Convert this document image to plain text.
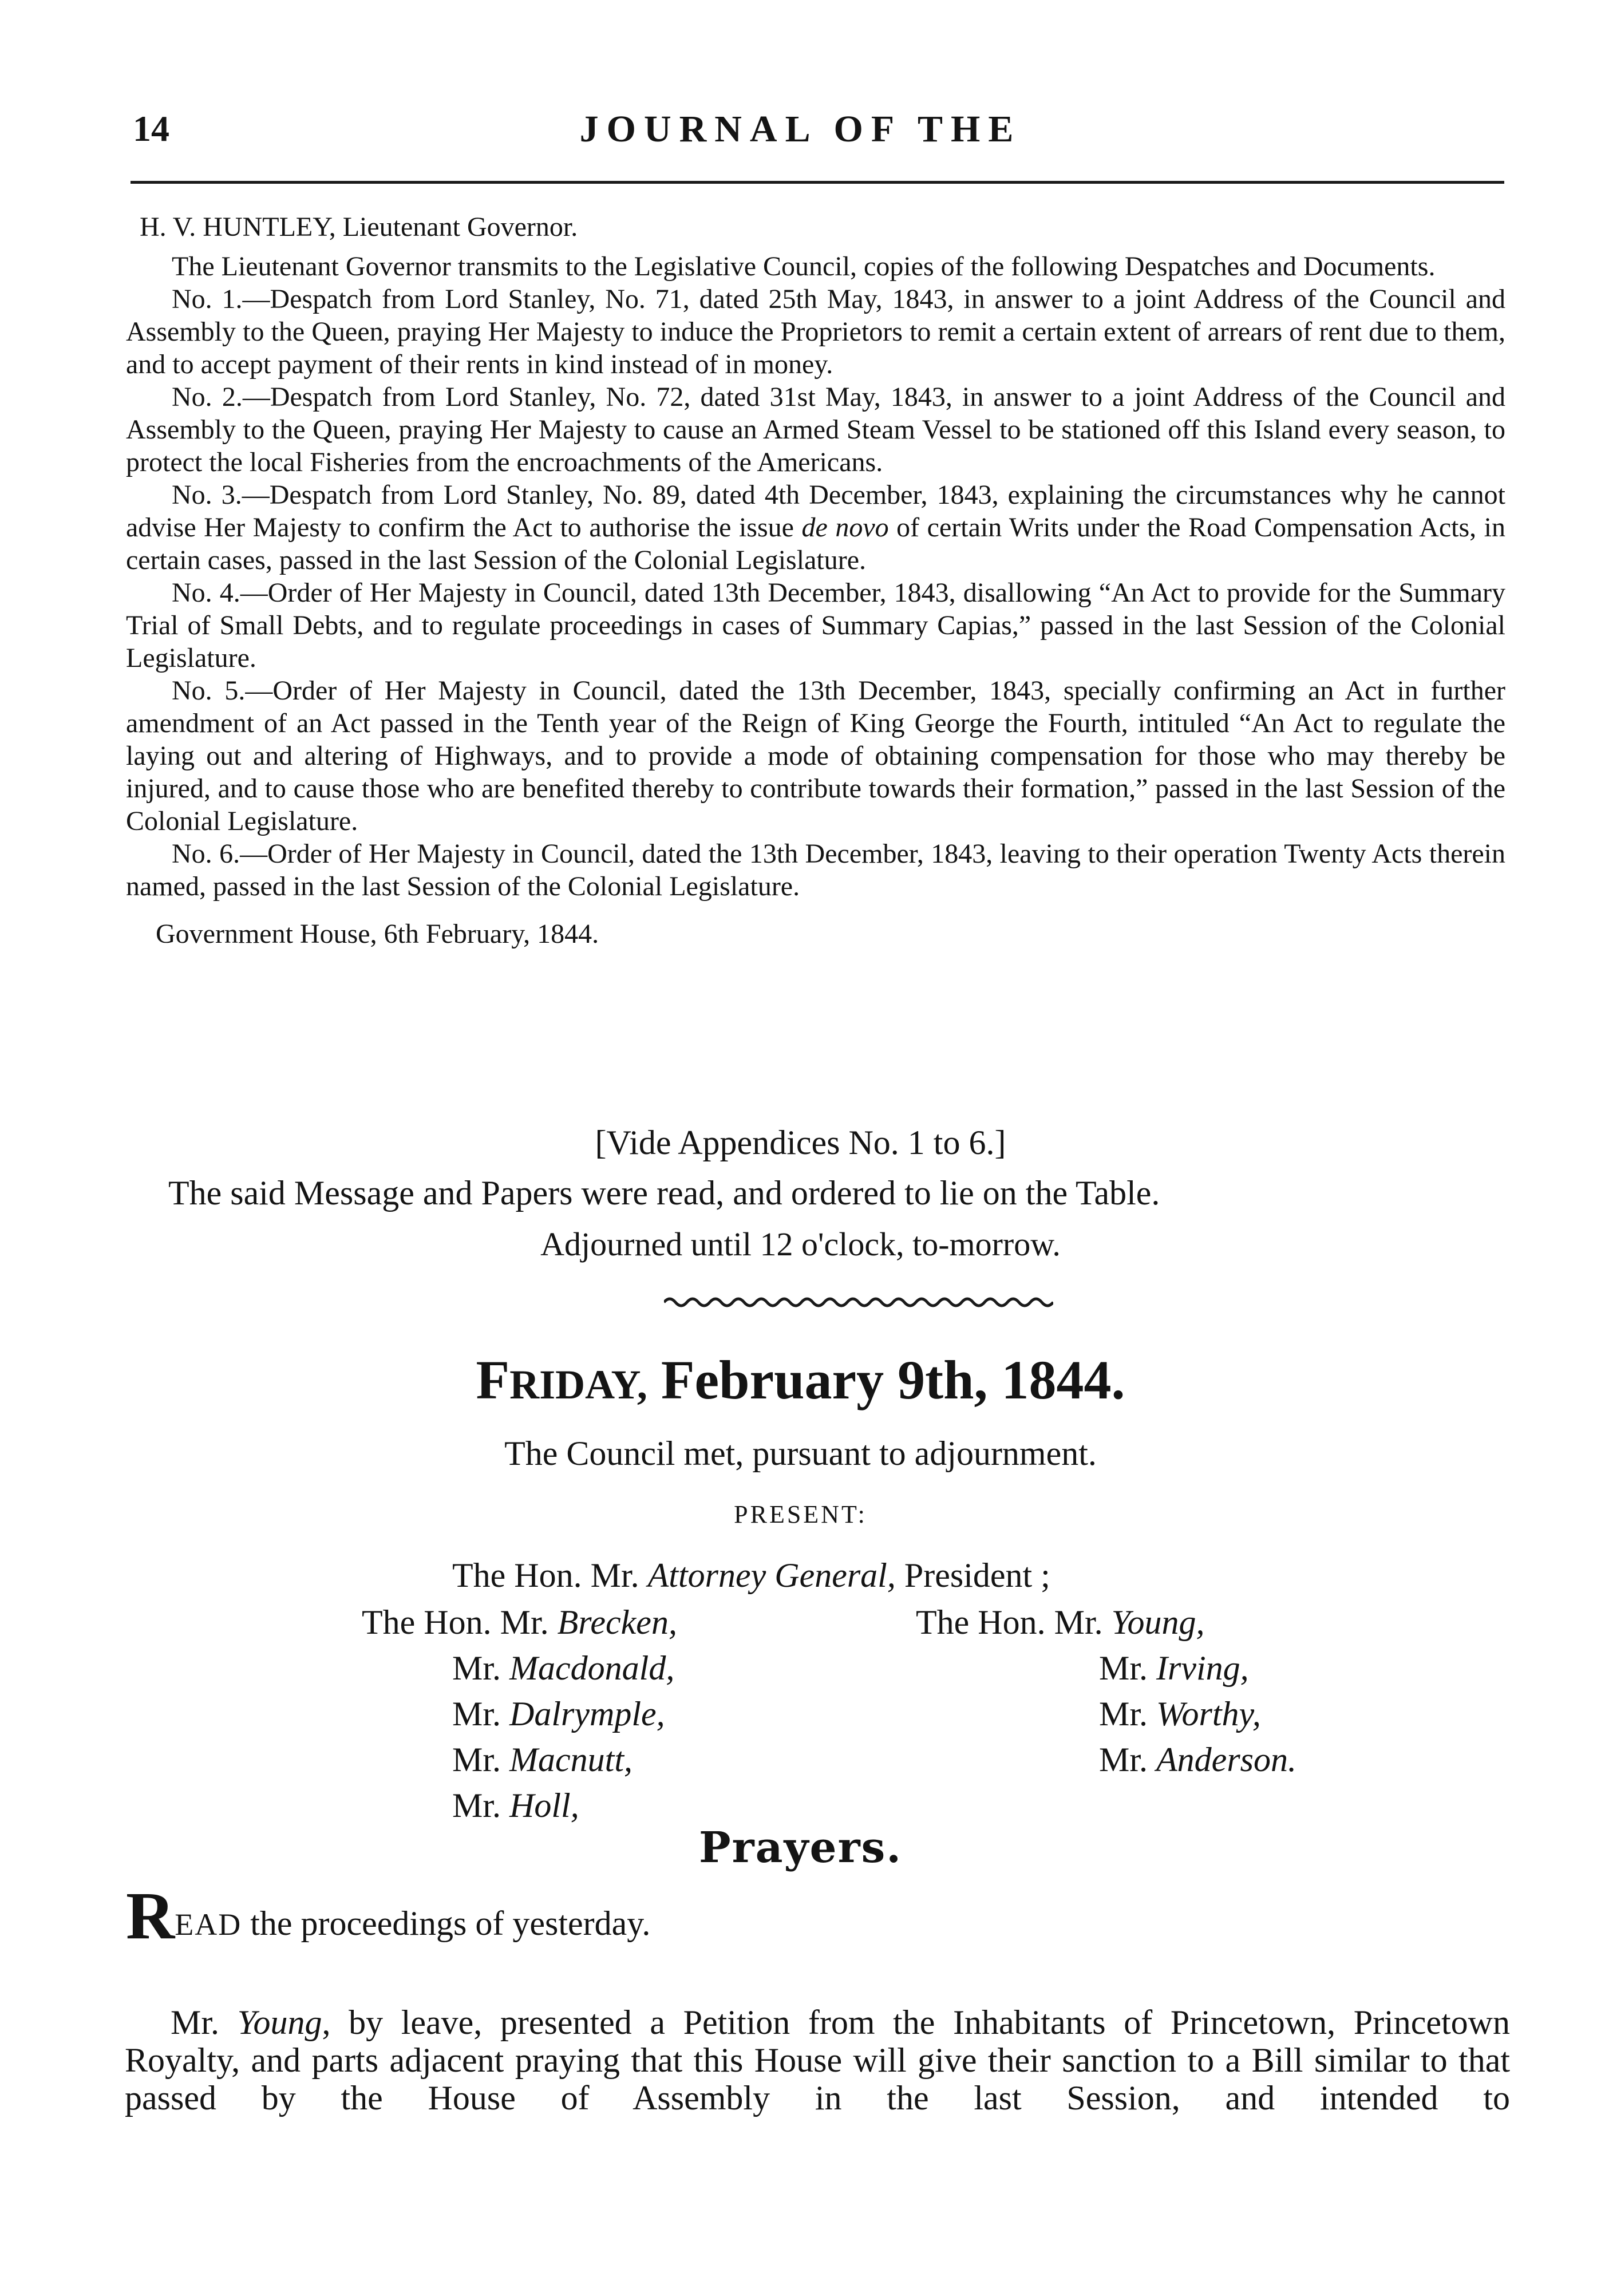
14	JOURNAL OF THE

H. V. HUNTLEY, Lieutenant Governor.

The Lieutenant Governor transmits to the Legislative Council, copies of the following Despatches and Documents.

No. 1.—Despatch from Lord Stanley, No. 71, dated 25th May, 1843, in answer to a joint Address of the Council and Assembly to the Queen, praying Her Majesty to induce the Proprietors to remit a certain extent of arrears of rent due to them, and to accept payment of their rents in kind instead of in money.

No. 2.—Despatch from Lord Stanley, No. 72, dated 31st May, 1843, in answer to a joint Address of the Council and Assembly to the Queen, praying Her Majesty to cause an Armed Steam Vessel to be stationed off this Island every season, to protect the local Fisheries from the encroachments of the Americans.

No. 3.—Despatch from Lord Stanley, No. 89, dated 4th December, 1843, explaining the circumstances why he cannot advise Her Majesty to confirm the Act to authorise the issue de novo of certain Writs under the Road Compensation Acts, in certain cases, passed in the last Session of the Colonial Legislature.

No. 4.—Order of Her Majesty in Council, dated 13th December, 1843, disallowing “An Act to provide for the Summary Trial of Small Debts, and to regulate proceedings in cases of Summary Capias,” passed in the last Session of the Colonial Legislature.

No. 5.—Order of Her Majesty in Council, dated the 13th December, 1843, specially confirming an Act in further amendment of an Act passed in the Tenth year of the Reign of King George the Fourth, intituled “An Act to regulate the laying out and altering of Highways, and to provide a mode of obtaining compensation for those who may thereby be injured, and to cause those who are benefited thereby to contribute towards their formation,” passed in the last Session of the Colonial Legislature.

No. 6.—Order of Her Majesty in Council, dated the 13th December, 1843, leaving to their operation Twenty Acts therein named, passed in the last Session of the Colonial Legislature.

Government House, 6th February, 1844.

[Vide Appendices No. 1 to 6.]
The said Message and Papers were read, and ordered to lie on the Table.
Adjourned until 12 o'clock, to-morrow.
FRIDAY, February 9th, 1844.
The Council met, pursuant to adjournment.
PRESENT:
The Hon. Mr. Attorney General, President ;
The Hon. Mr. Brecken,
Mr. Macdonald,
Mr. Dalrymple,
Mr. Macnutt,
Mr. Holl,
The Hon. Mr. Young,
Mr. Irving,
Mr. Worthy,
Mr. Anderson.
Prayers.
READ the proceedings of yesterday.

Mr. Young, by leave, presented a Petition from the Inhabitants of Princetown, Princetown Royalty, and parts adjacent praying that this House will give their sanction to a Bill similar to that passed by the House of Assembly in the last Session, and intended to
